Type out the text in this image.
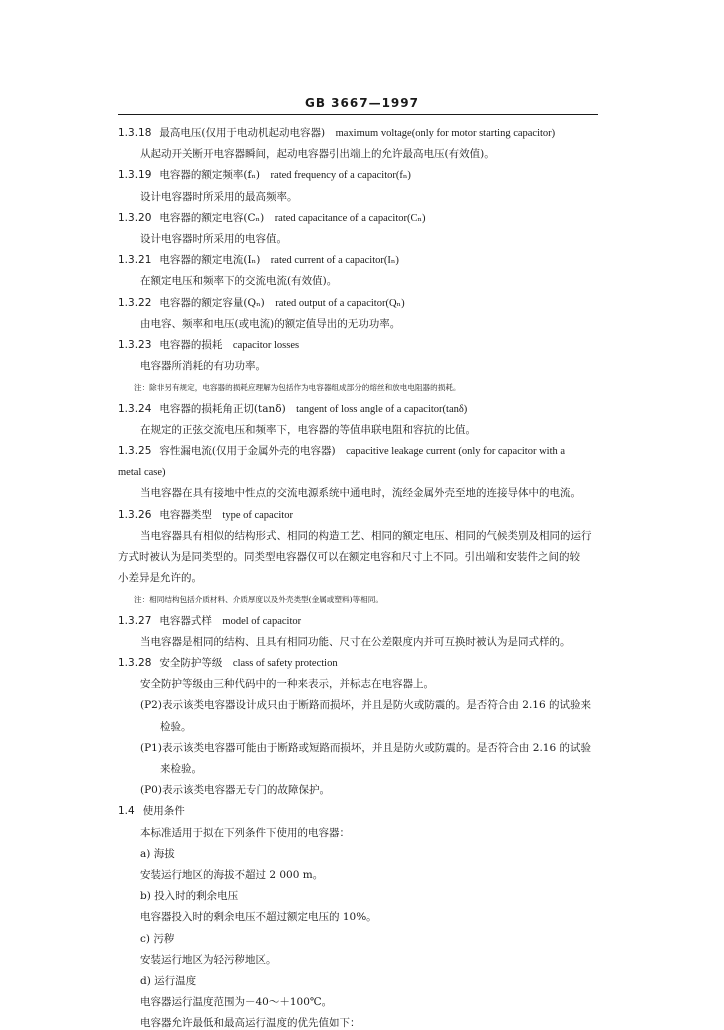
GB 3667—1997
1.3.18 最高电压(仅用于电动机起动电容器)  maximum voltage(only for motor starting capacitor)
从起动开关断开电容器瞬间，起动电容器引出端上的允许最高电压(有效值)。
1.3.19 电容器的额定频率(fₙ)  rated frequency of a capacitor(fₙ)
设计电容器时所采用的最高频率。
1.3.20 电容器的额定电容(Cₙ)  rated capacitance of a capacitor(Cₙ)
设计电容器时所采用的电容值。
1.3.21 电容器的额定电流(Iₙ)  rated current of a capacitor(Iₙ)
在额定电压和频率下的交流电流(有效值)。
1.3.22 电容器的额定容量(Qₙ)  rated output of a capacitor(Qₙ)
由电容、频率和电压(或电流)的额定值导出的无功功率。
1.3.23 电容器的损耗  capacitor losses
电容器所消耗的有功功率。
注：除非另有规定，电容器的损耗应理解为包括作为电容器组成部分的熔丝和放电电阻器的损耗。
1.3.24 电容器的损耗角正切(tanδ)  tangent of loss angle of a capacitor(tanδ)
在规定的正弦交流电压和频率下，电容器的等值串联电阻和容抗的比值。
1.3.25 容性漏电流(仅用于金属外壳的电容器)  capacitive leakage current (only for capacitor with a
metal case)
当电容器在具有接地中性点的交流电源系统中通电时，流经金属外壳至地的连接导体中的电流。
1.3.26 电容器类型  type of capacitor
当电容器具有相似的结构形式、相同的构造工艺、相同的额定电压、相同的气候类别及相同的运行
方式时被认为是同类型的。同类型电容器仅可以在额定电容和尺寸上不同。引出端和安装件之间的较
小差异是允许的。
注：相同结构包括介质材料、介质厚度以及外壳类型(金属或塑料)等相同。
1.3.27 电容器式样  model of capacitor
当电容器是相同的结构、且具有相同功能、尺寸在公差限度内并可互换时被认为是同式样的。
1.3.28 安全防护等级  class of safety protection
安全防护等级由三种代码中的一种来表示，并标志在电容器上。
(P2)表示该类电容器设计成只由于断路而损坏，并且是防火或防震的。是否符合由 2.16 的试验来
检验。
(P1)表示该类电容器可能由于断路或短路而损坏，并且是防火或防震的。是否符合由 2.16 的试验
来检验。
(P0)表示该类电容器无专门的故障保护。
1.4 使用条件
本标准适用于拟在下列条件下使用的电容器：
a) 海拔
安装运行地区的海拔不超过 2 000 m。
b) 投入时的剩余电压
电容器投入时的剩余电压不超过额定电压的 10%。
c) 污秽
安装运行地区为轻污秽地区。
d) 运行温度
电容器运行温度范围为－40～＋100℃。
电容器允许最低和最高运行温度的优先值如下：
